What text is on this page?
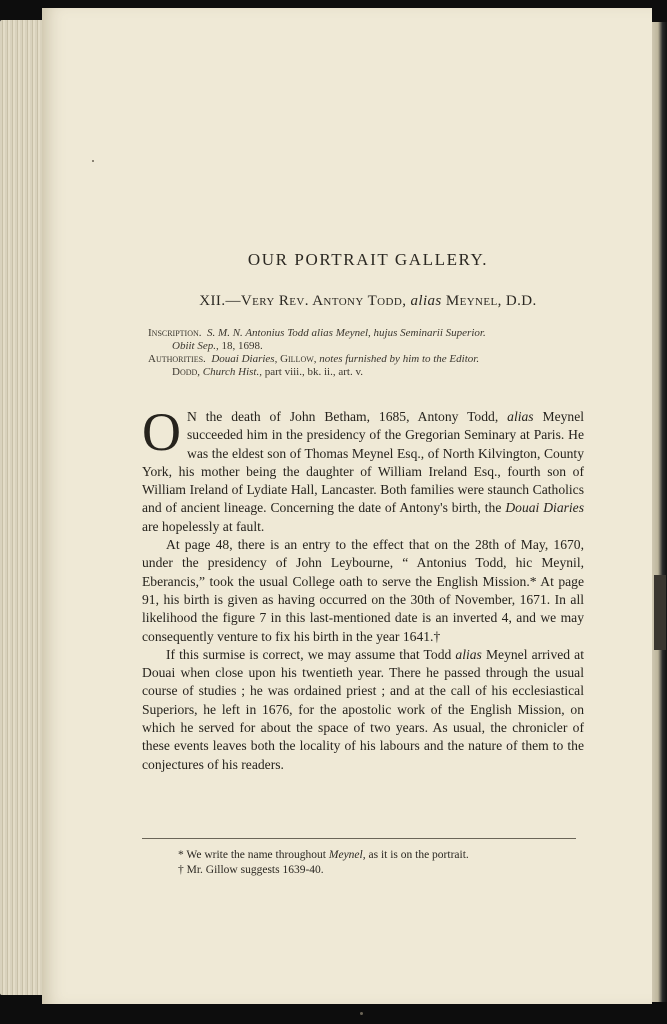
OUR PORTRAIT GALLERY.
XII.—Very Rev. Antony Todd, alias Meynel, D.D.

Inscription. S. M. N. Antonius Todd alias Meynel, hujus Seminarii Superior.

Obiit Sep., 18, 1698.

Authorities. Douai Diaries, Gillow, notes furnished by him to the Editor.

Dodd, Church Hist., part viii., bk. ii., art. v.

O N the death of John Betham, 1685, Antony Todd, alias Meynel succeeded him in the presidency of the Gregorian Seminary at Paris. He was the eldest son of Thomas Meynel Esq., of North Kilvington, County York, his mother being the daughter of William Ireland Esq., fourth son of William Ireland of Lydiate Hall, Lancaster. Both families were staunch Catholics and of ancient lineage. Concerning the date of Antony's birth, the Douai Diaries are hopelessly at fault.

At page 48, there is an entry to the effect that on the 28th of May, 1670, under the presidency of John Leybourne, “ Antonius Todd, hic Meynil, Eberancis,” took the usual College oath to serve the English Mission.* At page 91, his birth is given as having occurred on the 30th of November, 1671. In all likelihood the figure 7 in this last-mentioned date is an inverted 4, and we may consequently venture to fix his birth in the year 1641.†

If this surmise is correct, we may assume that Todd alias Meynel arrived at Douai when close upon his twentieth year. There he passed through the usual course of studies ; he was ordained priest ; and at the call of his ecclesiastical Superiors, he left in 1676, for the apostolic work of the English Mission, on which he served for about the space of two years. As usual, the chronicler of these events leaves both the locality of his labours and the nature of them to the conjectures of his readers.

* We write the name throughout Meynel, as it is on the portrait.

† Mr. Gillow suggests 1639-40.
